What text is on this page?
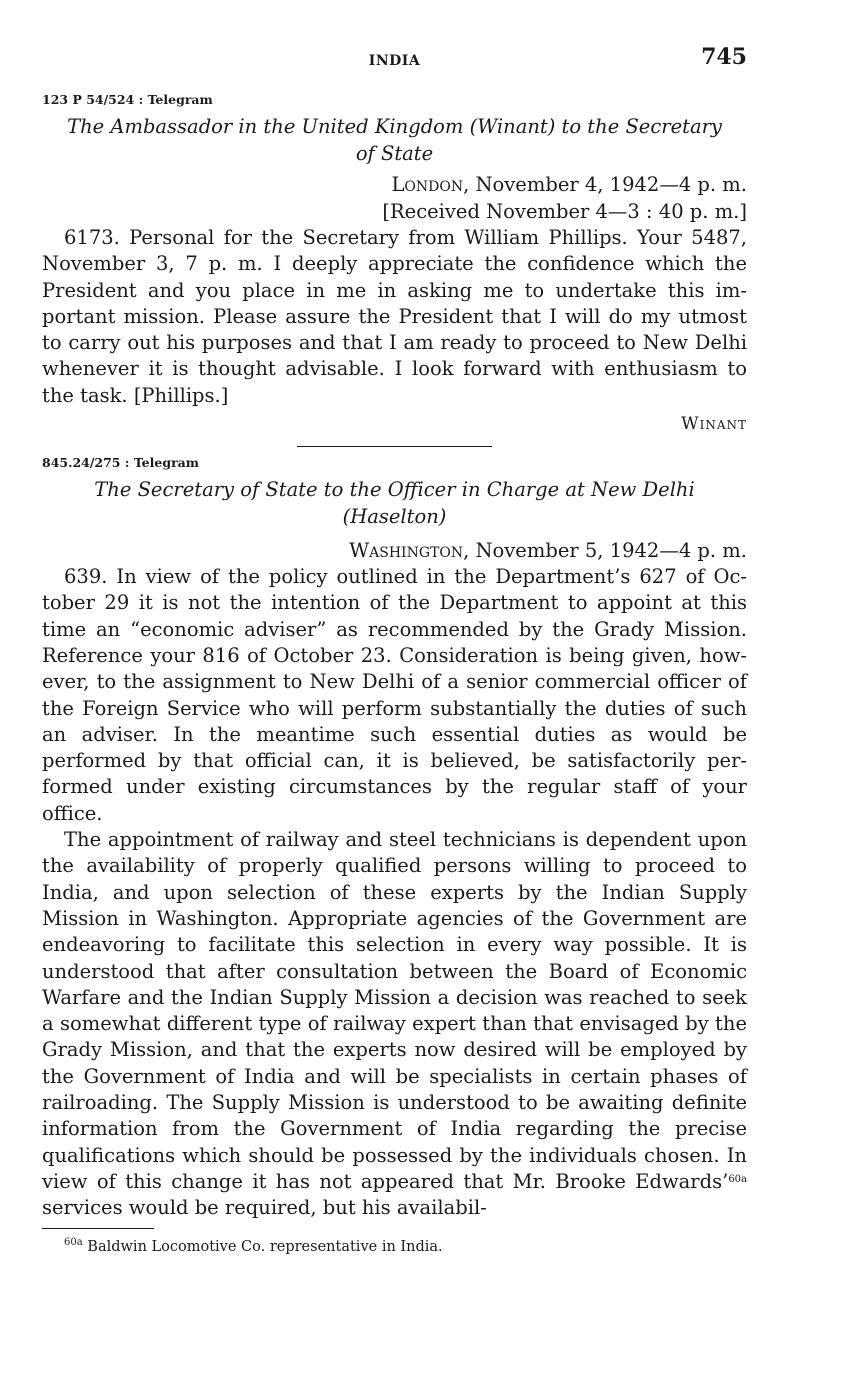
INDIA	745
123 P 54/524 : Telegram
The Ambassador in the United Kingdom (Winant) to the Secretary of State
London, November 4, 1942—4 p. m.
[Received November 4—3 : 40 p. m.]

6173. Personal for the Secretary from William Phillips. Your 5487, November 3, 7 p. m. I deeply appreciate the confidence which the President and you place in me in asking me to undertake this important mission. Please assure the President that I will do my utmost to carry out his purposes and that I am ready to proceed to New Delhi whenever it is thought advisable. I look forward with enthusiasm to the task. [Phillips.]

Winant
845.24/275 : Telegram
The Secretary of State to the Officer in Charge at New Delhi (Haselton)
Washington, November 5, 1942—4 p. m.

639. In view of the policy outlined in the Department’s 627 of October 29 it is not the intention of the Department to appoint at this time an “economic adviser” as recommended by the Grady Mission. Reference your 816 of October 23. Consideration is being given, however, to the assignment to New Delhi of a senior commercial officer of the Foreign Service who will perform substantially the duties of such an adviser. In the meantime such essential duties as would be performed by that official can, it is believed, be satisfactorily performed under existing circumstances by the regular staff of your office.

The appointment of railway and steel technicians is dependent upon the availability of properly qualified persons willing to proceed to India, and upon selection of these experts by the Indian Supply Mission in Washington. Appropriate agencies of the Government are endeavoring to facilitate this selection in every way possible. It is understood that after consultation between the Board of Economic Warfare and the Indian Supply Mission a decision was reached to seek a somewhat different type of railway expert than that envisaged by the Grady Mission, and that the experts now desired will be employed by the Government of India and will be specialists in certain phases of railroading. The Supply Mission is understood to be awaiting definite information from the Government of India regarding the precise qualifications which should be possessed by the individuals chosen. In view of this change it has not appeared that Mr. Brooke Edwards’$^{60a}$ services would be required, but his availabil-

$^{60a}$ Baldwin Locomotive Co. representative in India.
